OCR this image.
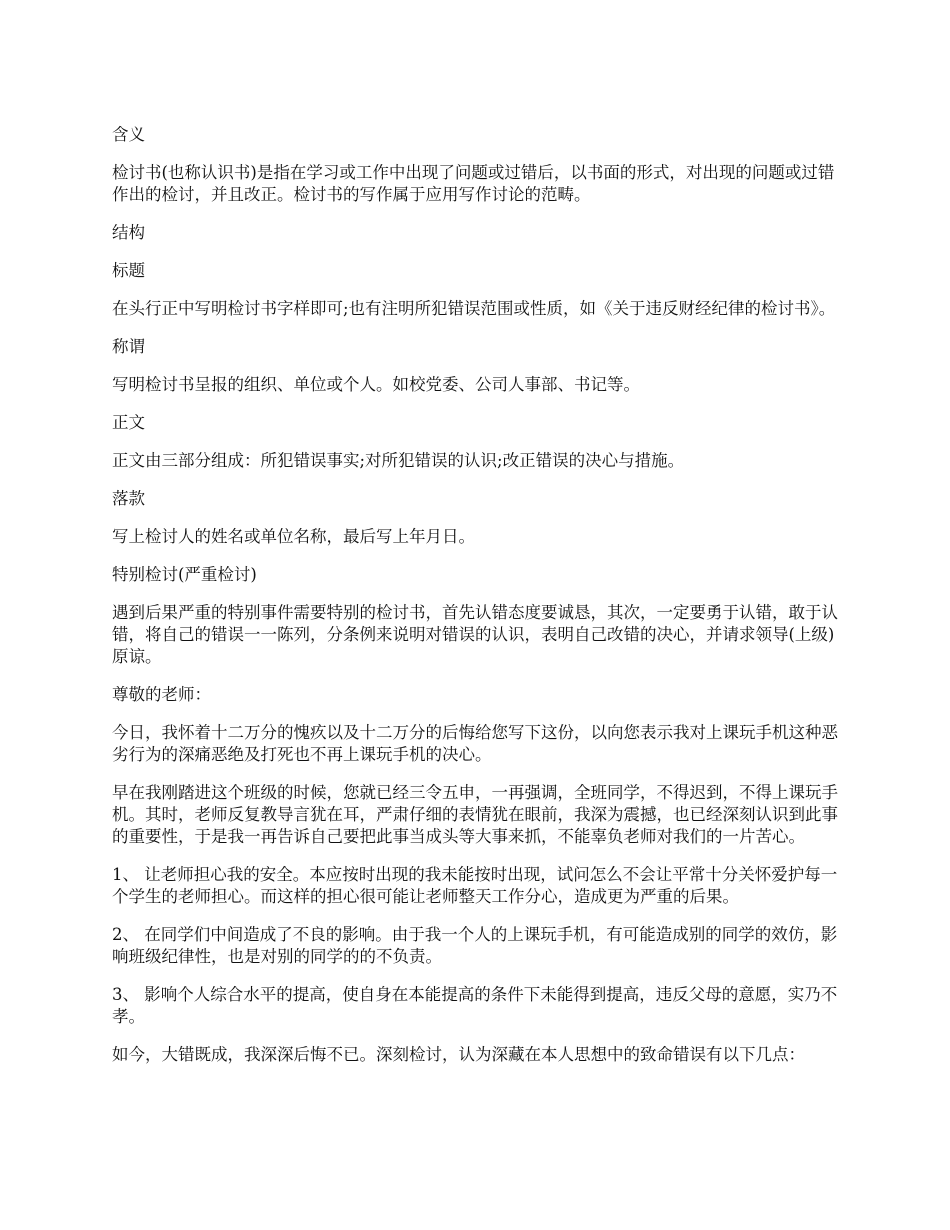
含义

检讨书(也称认识书)是指在学习或工作中出现了问题或过错后，以书面的形式，对出现的问题或过错作出的检讨，并且改正。检讨书的写作属于应用写作讨论的范畴。

结构

标题

在头行正中写明检讨书字样即可;也有注明所犯错误范围或性质，如《关于违反财经纪律的检讨书》。

称谓

写明检讨书呈报的组织、单位或个人。如校党委、公司人事部、书记等。

正文

正文由三部分组成：所犯错误事实;对所犯错误的认识;改正错误的决心与措施。

落款

写上检讨人的姓名或单位名称，最后写上年月日。

特别检讨(严重检讨)

遇到后果严重的特别事件需要特别的检讨书，首先认错态度要诚恳，其次，一定要勇于认错，敢于认错，将自己的错误一一陈列，分条例来说明对错误的认识，表明自己改错的决心，并请求领导(上级)原谅。

尊敬的老师：

今日，我怀着十二万分的愧疚以及十二万分的后悔给您写下这份，以向您表示我对上课玩手机这种恶劣行为的深痛恶绝及打死也不再上课玩手机的决心。

早在我刚踏进这个班级的时候，您就已经三令五申，一再强调，全班同学，不得迟到，不得上课玩手机。其时，老师反复教导言犹在耳，严肃仔细的表情犹在眼前，我深为震撼，也已经深刻认识到此事的重要性，于是我一再告诉自己要把此事当成头等大事来抓，不能辜负老师对我们的一片苦心。

1、 让老师担心我的安全。本应按时出现的我未能按时出现，试问怎么不会让平常十分关怀爱护每一个学生的老师担心。而这样的担心很可能让老师整天工作分心，造成更为严重的后果。

2、 在同学们中间造成了不良的影响。由于我一个人的上课玩手机，有可能造成别的同学的效仿，影响班级纪律性，也是对别的同学的的不负责。

3、 影响个人综合水平的提高，使自身在本能提高的条件下未能得到提高，违反父母的意愿，实乃不孝。

如今，大错既成，我深深后悔不已。深刻检讨，认为深藏在本人思想中的致命错误有以下几点：
